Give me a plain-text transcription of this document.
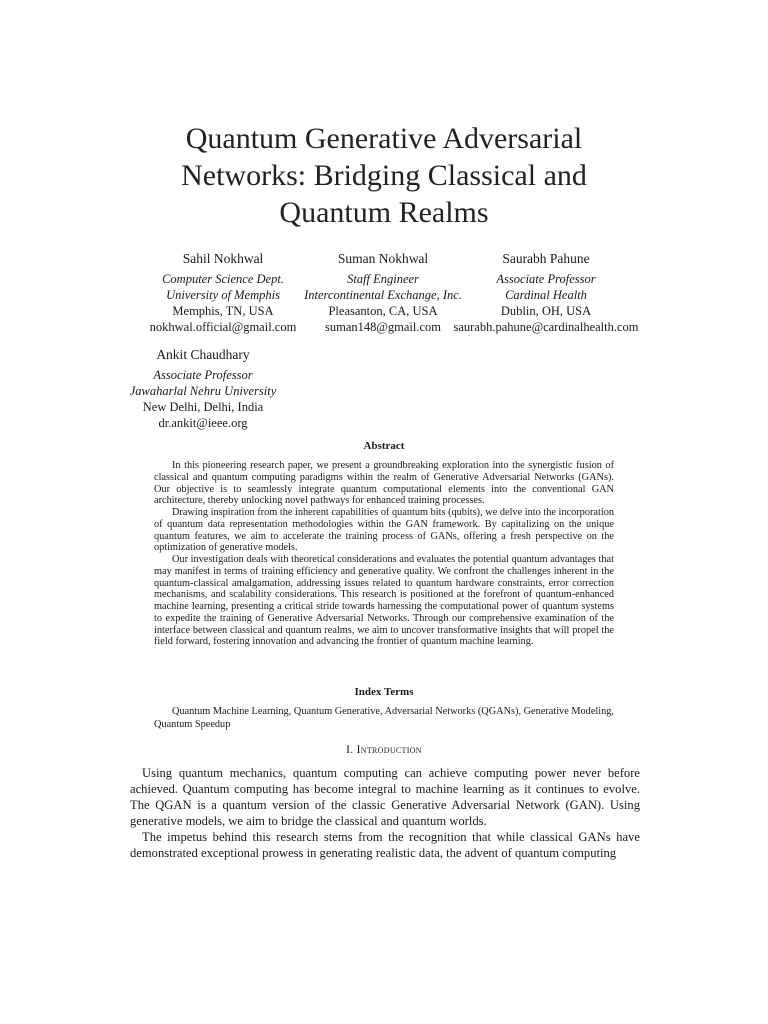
Quantum Generative Adversarial
Networks: Bridging Classical and
Quantum Realms
Sahil Nokhwal
Computer Science Dept.
University of Memphis
Memphis, TN, USA
nokhwal.official@gmail.com
Suman Nokhwal
Staff Engineer
Intercontinental Exchange, Inc.
Pleasanton, CA, USA
suman148@gmail.com
Saurabh Pahune
Associate Professor
Cardinal Health
Dublin, OH, USA
saurabh.pahune@cardinalhealth.com
Ankit Chaudhary
Associate Professor
Jawaharlal Nehru University
New Delhi, Delhi, India
dr.ankit@ieee.org
Abstract

In this pioneering research paper, we present a groundbreaking exploration into the synergistic fusion of classical and quantum computing paradigms within the realm of Generative Adversarial Networks (GANs). Our objective is to seamlessly integrate quantum computational elements into the conventional GAN architecture, thereby unlocking novel pathways for enhanced training processes.

Drawing inspiration from the inherent capabilities of quantum bits (qubits), we delve into the incorporation of quantum data representation methodologies within the GAN framework. By capitalizing on the unique quantum features, we aim to accelerate the training process of GANs, offering a fresh perspective on the optimization of generative models.

Our investigation deals with theoretical considerations and evaluates the potential quantum advantages that may manifest in terms of training efficiency and generative quality. We confront the challenges inherent in the quantum-classical amalgamation, addressing issues related to quantum hardware constraints, error correction mechanisms, and scalability considerations. This research is positioned at the forefront of quantum-enhanced machine learning, presenting a critical stride towards harnessing the computational power of quantum systems to expedite the training of Generative Adversarial Networks. Through our comprehensive examination of the interface between classical and quantum realms, we aim to uncover transformative insights that will propel the field forward, fostering innovation and advancing the frontier of quantum machine learning.

Index Terms

Quantum Machine Learning, Quantum Generative, Adversarial Networks (QGANs), Generative Modeling, Quantum Speedup

I. Introduction

Using quantum mechanics, quantum computing can achieve computing power never before achieved. Quantum computing has become integral to machine learning as it continues to evolve. The QGAN is a quantum version of the classic Generative Adversarial Network (GAN). Using generative models, we aim to bridge the classical and quantum worlds.

The impetus behind this research stems from the recognition that while classical GANs have demonstrated exceptional prowess in generating realistic data, the advent of quantum computing
